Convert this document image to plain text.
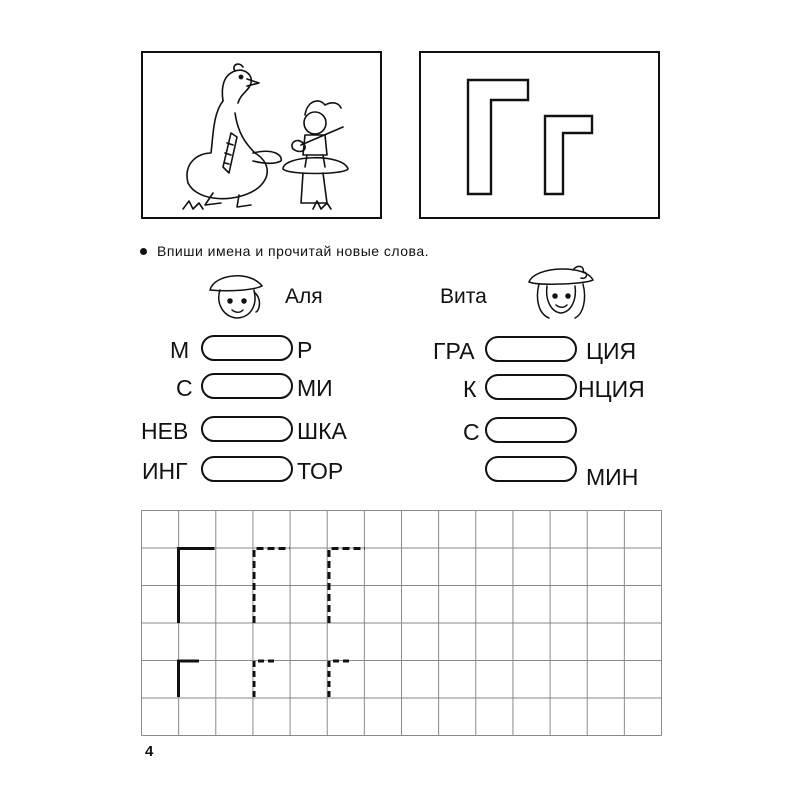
Впиши имена и прочитай новые слова.
Аля	Вита
М	Р
С	МИ
НЕВ	ШКА
ИНГ	ТОР
ГРА	ЦИЯ
К	НЦИЯ
С
МИН
4
